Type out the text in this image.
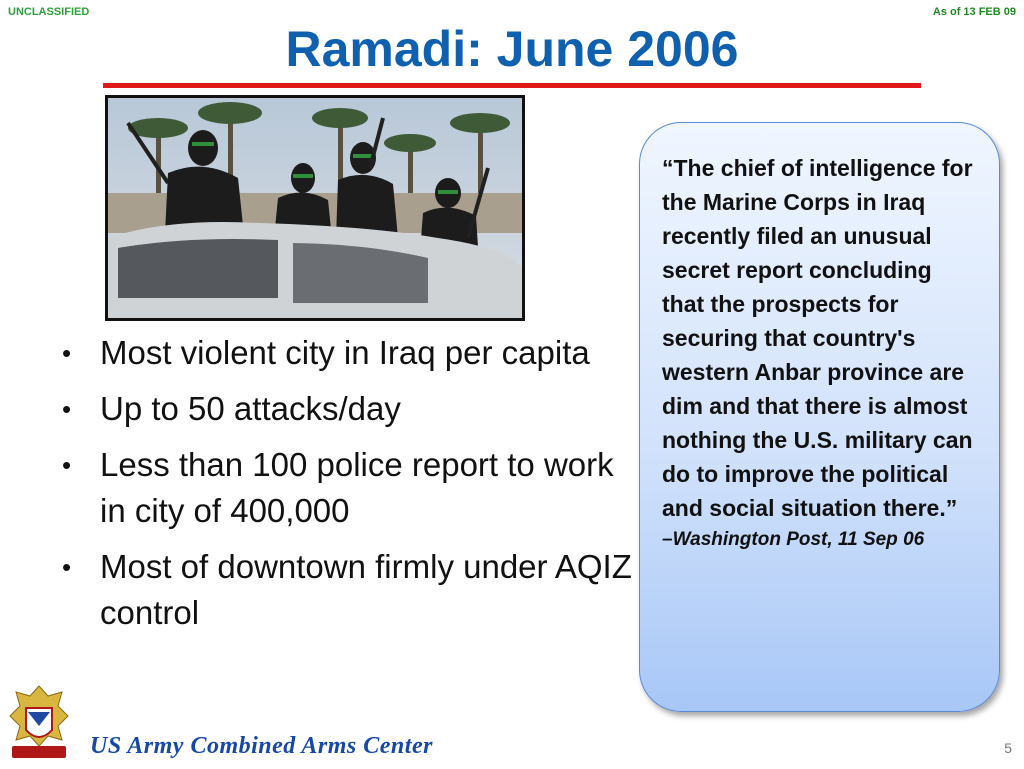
UNCLASSIFIED	As of 13 FEB 09
Ramadi: June 2006
• Most violent city in Iraq per capita
• Up to 50 attacks/day
• Less than 100 police report to work in city of 400,000
• Most of downtown firmly under AQIZ control

“The chief of intelligence for the Marine Corps in Iraq recently filed an unusual secret report concluding that the prospects for securing that country's western Anbar province are dim and that there is almost nothing the U.S. military can do to improve the political and social situation there.”

–Washington Post, 11 Sep 06

US Army Combined Arms Center	5
